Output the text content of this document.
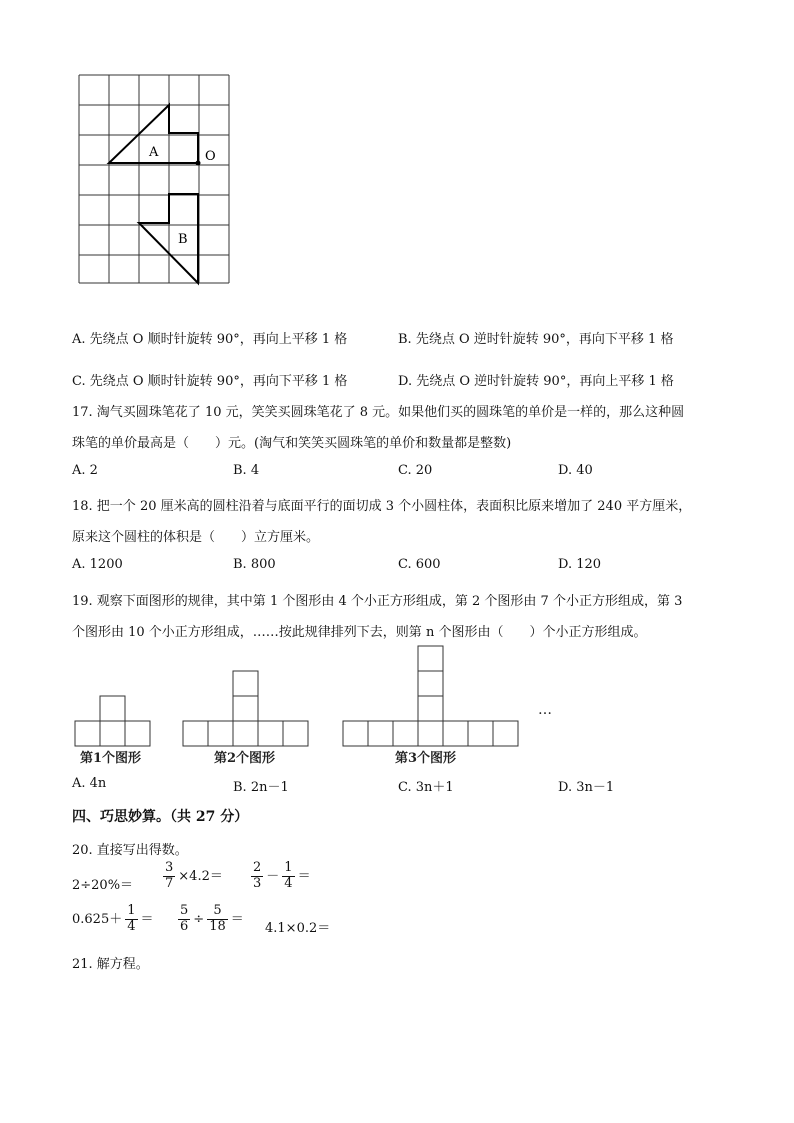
A
B
O
A. 先绕点 O 顺时针旋转 90°，再向上平移 1 格	B. 先绕点 O 逆时针旋转 90°，再向下平移 1 格
C. 先绕点 O 顺时针旋转 90°，再向下平移 1 格	D. 先绕点 O 逆时针旋转 90°，再向上平移 1 格
17. 淘气买圆珠笔花了 10 元，笑笑买圆珠笔花了 8 元。如果他们买的圆珠笔的单价是一样的，那么这种圆
珠笔的单价最高是（　　）元。(淘气和笑笑买圆珠笔的单价和数量都是整数)
A. 2	B. 4	C. 20	D. 40
18. 把一个 20 厘米高的圆柱沿着与底面平行的面切成 3 个小圆柱体，表面积比原来增加了 240 平方厘米，
原来这个圆柱的体积是（　　）立方厘米。
A. 1200	B. 800	C. 600	D. 120
19. 观察下面图形的规律，其中第 1 个图形由 4 个小正方形组成，第 2 个图形由 7 个小正方形组成，第 3
个图形由 10 个小正方形组成，……按此规律排列下去，则第 n 个图形由（　　）个小正方形组成。
第1个图形	第2个图形	第3个图形
…
A. 4n	B. 2n－1	C. 3n＋1	D. 3n－1
四、巧思妙算。（共 27 分）
20. 直接写出得数。
$2\div 20\%= \frac{3}{7} \times 4.2= \frac{2}{3} - \frac{1}{4}$ ＝
$0.625+ \frac{1}{4} = \frac{5}{6} \div \frac{5}{18}$ ＝
4.1×0.2＝
21. 解方程。
